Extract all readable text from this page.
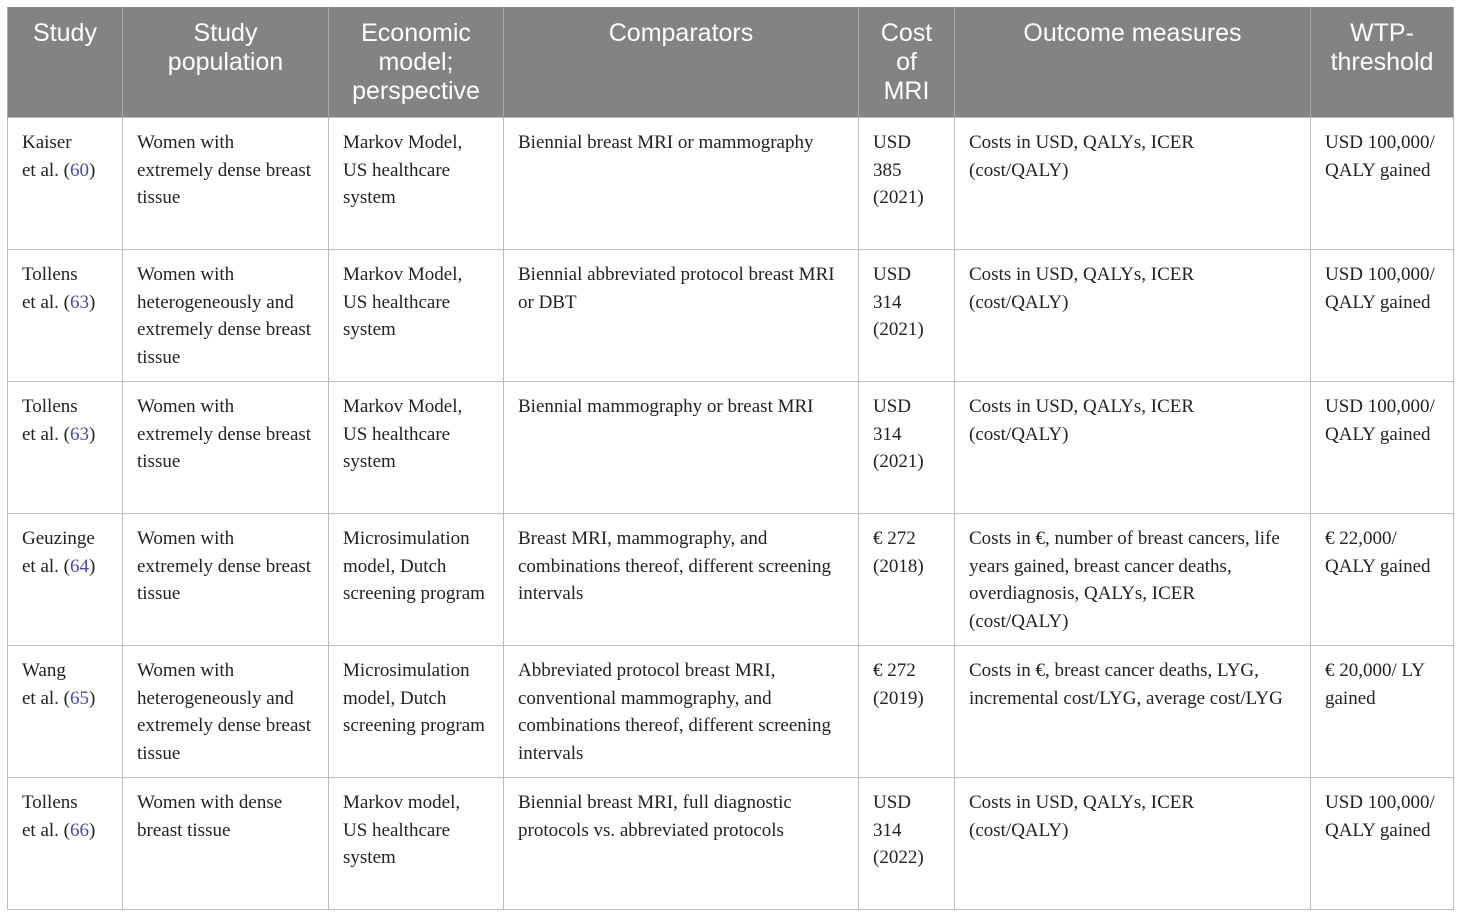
Study	Study population	Economic model; perspective	Comparators	Cost of MRI	Outcome measures	WTP-threshold
Kaiser
et al. (60)	Women with extremely dense breast tissue	Markov Model, US healthcare system	Biennial breast MRI or mammography	USD 385 (2021)	Costs in USD, QALYs, ICER (cost/QALY)	USD 100,000/ QALY gained
Tollens
et al. (63)	Women with heterogeneously and extremely dense breast tissue	Markov Model, US healthcare system	Biennial abbreviated protocol breast MRI or DBT	USD 314 (2021)	Costs in USD, QALYs, ICER (cost/QALY)	USD 100,000/ QALY gained
Tollens
et al. (63)	Women with extremely dense breast tissue	Markov Model, US healthcare system	Biennial mammography or breast MRI	USD 314 (2021)	Costs in USD, QALYs, ICER (cost/QALY)	USD 100,000/ QALY gained
Geuzinge
et al. (64)	Women with extremely dense breast tissue	Microsimulation model, Dutch screening program	Breast MRI, mammography, and combinations thereof, different screening intervals	€ 272 (2018)	Costs in €, number of breast cancers, life years gained, breast cancer deaths, overdiagnosis, QALYs, ICER (cost/QALY)	€ 22,000/ QALY gained
Wang
et al. (65)	Women with heterogeneously and extremely dense breast tissue	Microsimulation model, Dutch screening program	Abbreviated protocol breast MRI, conventional mammography, and combinations thereof, different screening intervals	€ 272 (2019)	Costs in €, breast cancer deaths, LYG, incremental cost/LYG, average cost/LYG	€ 20,000/ LY gained
Tollens
et al. (66)	Women with dense breast tissue	Markov model, US healthcare system	Biennial breast MRI, full diagnostic protocols vs. abbreviated protocols	USD 314 (2022)	Costs in USD, QALYs, ICER (cost/QALY)	USD 100,000/ QALY gained
